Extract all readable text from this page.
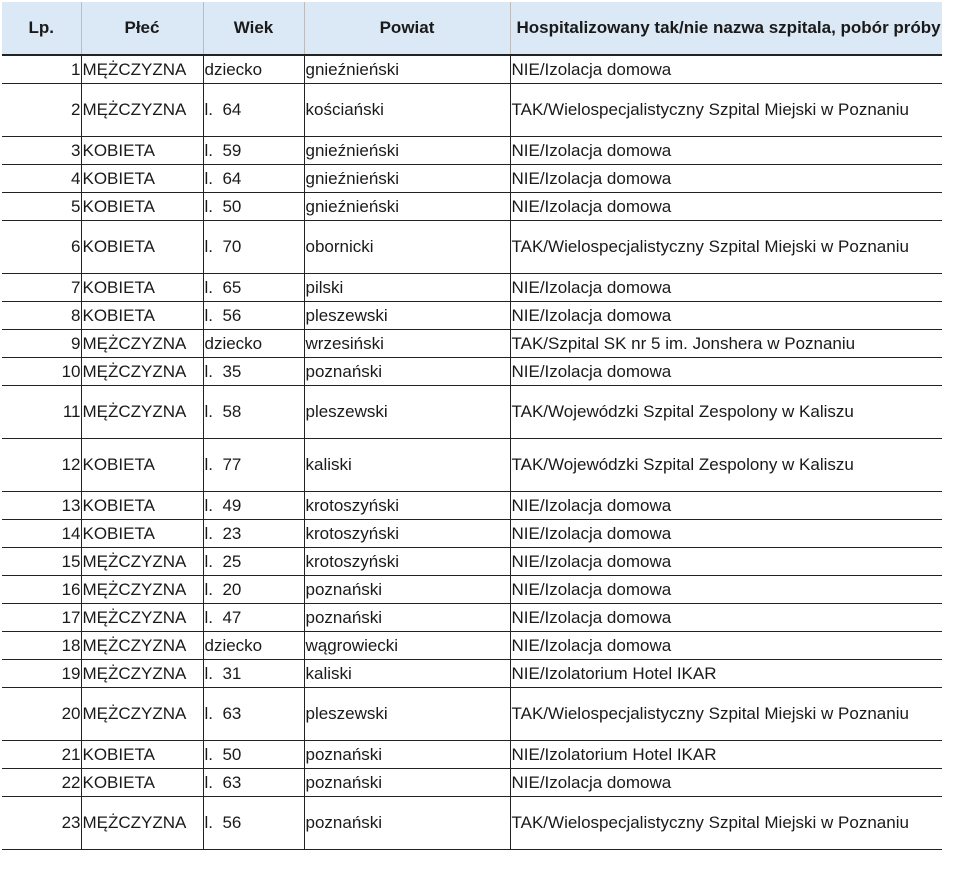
Lp.	Płeć	Wiek	Powiat	Hospitalizowany tak/nie nazwa szpitala, pobór próby
1	MĘŻCZYZNA	dziecko	gnieźnieński	NIE/Izolacja domowa
2	MĘŻCZYZNA	l.  64	kościański	TAK/Wielospecjalistyczny Szpital Miejski w Poznaniu
3	KOBIETA	l.  59	gnieźnieński	NIE/Izolacja domowa
4	KOBIETA	l.  64	gnieźnieński	NIE/Izolacja domowa
5	KOBIETA	l.  50	gnieźnieński	NIE/Izolacja domowa
6	KOBIETA	l.  70	obornicki	TAK/Wielospecjalistyczny Szpital Miejski w Poznaniu
7	KOBIETA	l.  65	pilski	NIE/Izolacja domowa
8	KOBIETA	l.  56	pleszewski	NIE/Izolacja domowa
9	MĘŻCZYZNA	dziecko	wrzesiński	TAK/Szpital SK nr 5 im. Jonshera w Poznaniu
10	MĘŻCZYZNA	l.  35	poznański	NIE/Izolacja domowa
11	MĘŻCZYZNA	l.  58	pleszewski	TAK/Wojewódzki Szpital Zespolony w Kaliszu
12	KOBIETA	l.  77	kaliski	TAK/Wojewódzki Szpital Zespolony w Kaliszu
13	KOBIETA	l.  49	krotoszyński	NIE/Izolacja domowa
14	KOBIETA	l.  23	krotoszyński	NIE/Izolacja domowa
15	MĘŻCZYZNA	l.  25	krotoszyński	NIE/Izolacja domowa
16	MĘŻCZYZNA	l.  20	poznański	NIE/Izolacja domowa
17	MĘŻCZYZNA	l.  47	poznański	NIE/Izolacja domowa
18	MĘŻCZYZNA	dziecko	wągrowiecki	NIE/Izolacja domowa
19	MĘŻCZYZNA	l.  31	kaliski	NIE/Izolatorium Hotel IKAR
20	MĘŻCZYZNA	l.  63	pleszewski	TAK/Wielospecjalistyczny Szpital Miejski w Poznaniu
21	KOBIETA	l.  50	poznański	NIE/Izolatorium Hotel IKAR
22	KOBIETA	l.  63	poznański	NIE/Izolacja domowa
23	MĘŻCZYZNA	l.  56	poznański	TAK/Wielospecjalistyczny Szpital Miejski w Poznaniu
